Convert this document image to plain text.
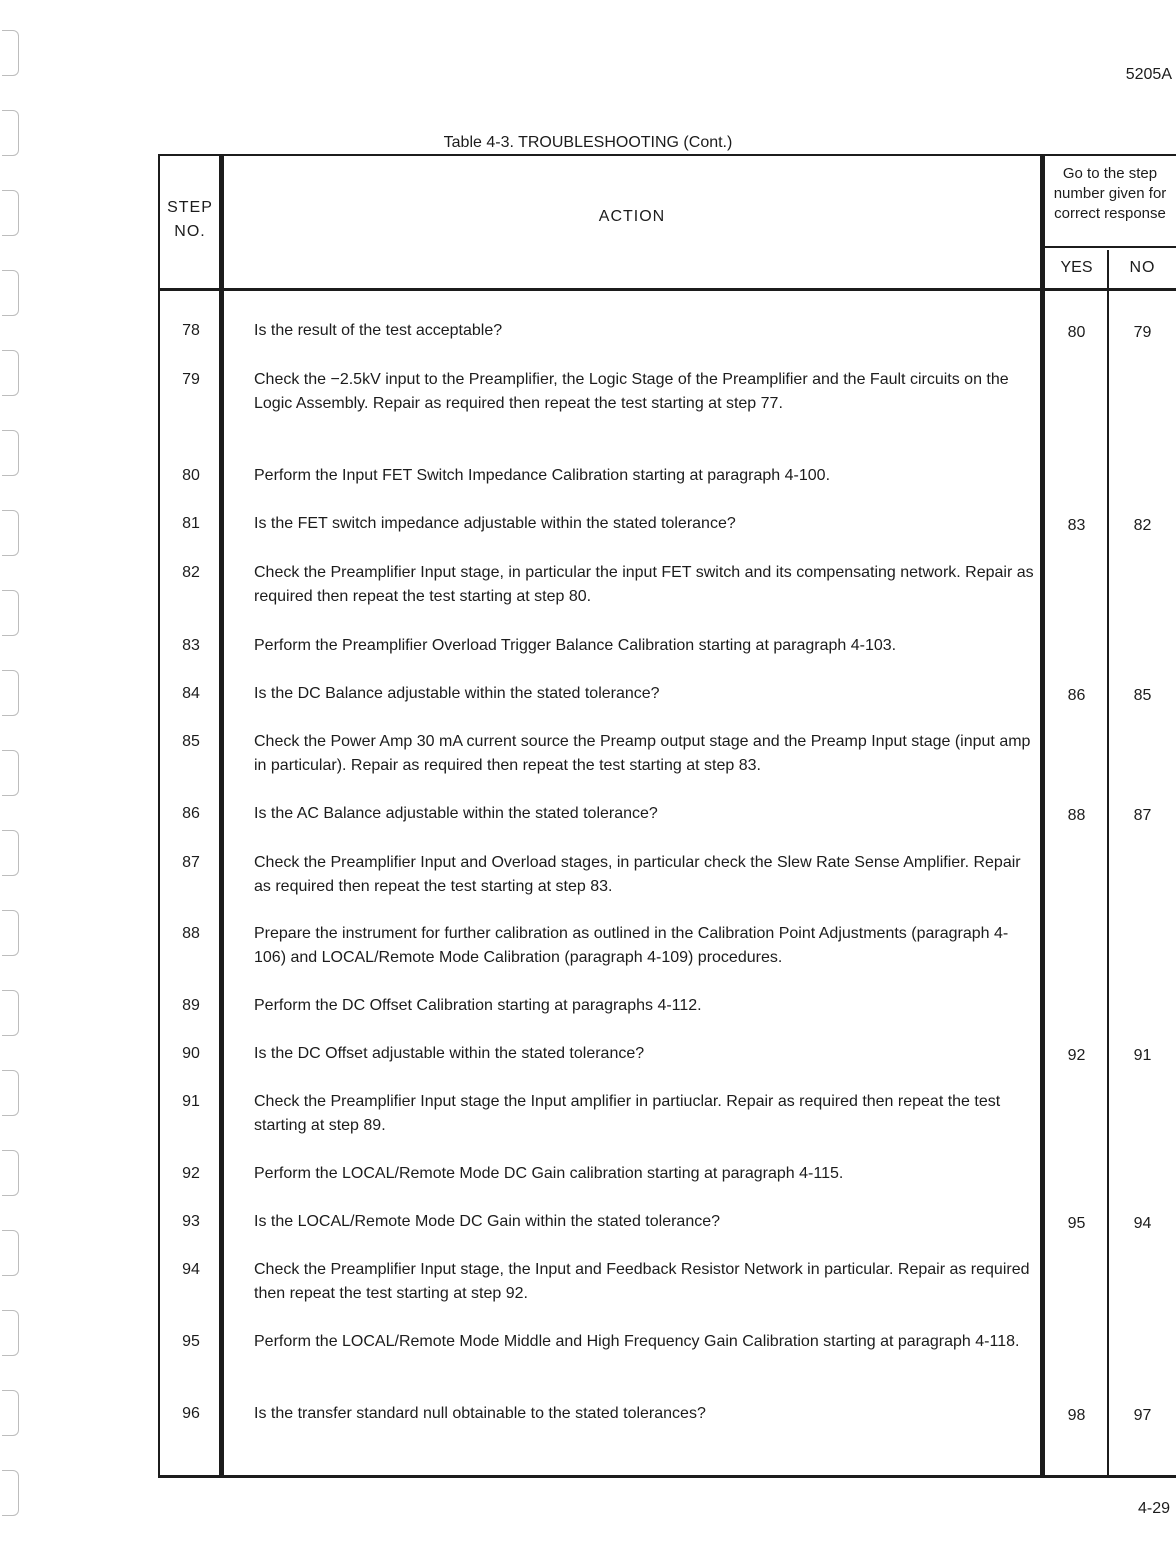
5205A
Table 4-3. TROUBLESHOOTING (Cont.)
STEP
NO.
ACTION
Go to the step number given for correct response
YES	NO
78	Is the result of the test acceptable?	80	79
79	Check the −2.5kV input to the Preamplifier, the Logic Stage of the Preamplifier and the Fault circuits on the Logic Assembly. Repair as required then repeat the test starting at step 77.
80	Perform the Input FET Switch Impedance Calibration starting at paragraph 4-100.
81	Is the FET switch impedance adjustable within the stated tolerance?	83	82
82	Check the Preamplifier Input stage, in particular the input FET switch and its compensating network. Repair as required then repeat the test starting at step 80.
83	Perform the Preamplifier Overload Trigger Balance Calibration starting at paragraph 4-103.
84	Is the DC Balance adjustable within the stated tolerance?	86	85
85	Check the Power Amp 30 mA current source the Preamp output stage and the Preamp Input stage (input amp in particular). Repair as required then repeat the test starting at step 83.
86	Is the AC Balance adjustable within the stated tolerance?	88	87
87	Check the Preamplifier Input and Overload stages, in particular check the Slew Rate Sense Amplifier. Repair as required then repeat the test starting at step 83.
88	Prepare the instrument for further calibration as outlined in the Calibration Point Adjustments (paragraph 4-106) and LOCAL/Remote Mode Calibration (paragraph 4-109) procedures.
89	Perform the DC Offset Calibration starting at paragraphs 4-112.
90	Is the DC Offset adjustable within the stated tolerance?	92	91
91	Check the Preamplifier Input stage the Input amplifier in partiuclar. Repair as required then repeat the test starting at step 89.
92	Perform the LOCAL/Remote Mode DC Gain calibration starting at paragraph 4-115.
93	Is the LOCAL/Remote Mode DC Gain within the stated tolerance?	95	94
94	Check the Preamplifier Input stage, the Input and Feedback Resistor Network in particular. Repair as required then repeat the test starting at step 92.
95	Perform the LOCAL/Remote Mode Middle and High Frequency Gain Calibration starting at paragraph 4-118.
96	Is the transfer standard null obtainable to the stated tolerances?	98	97
4-29
